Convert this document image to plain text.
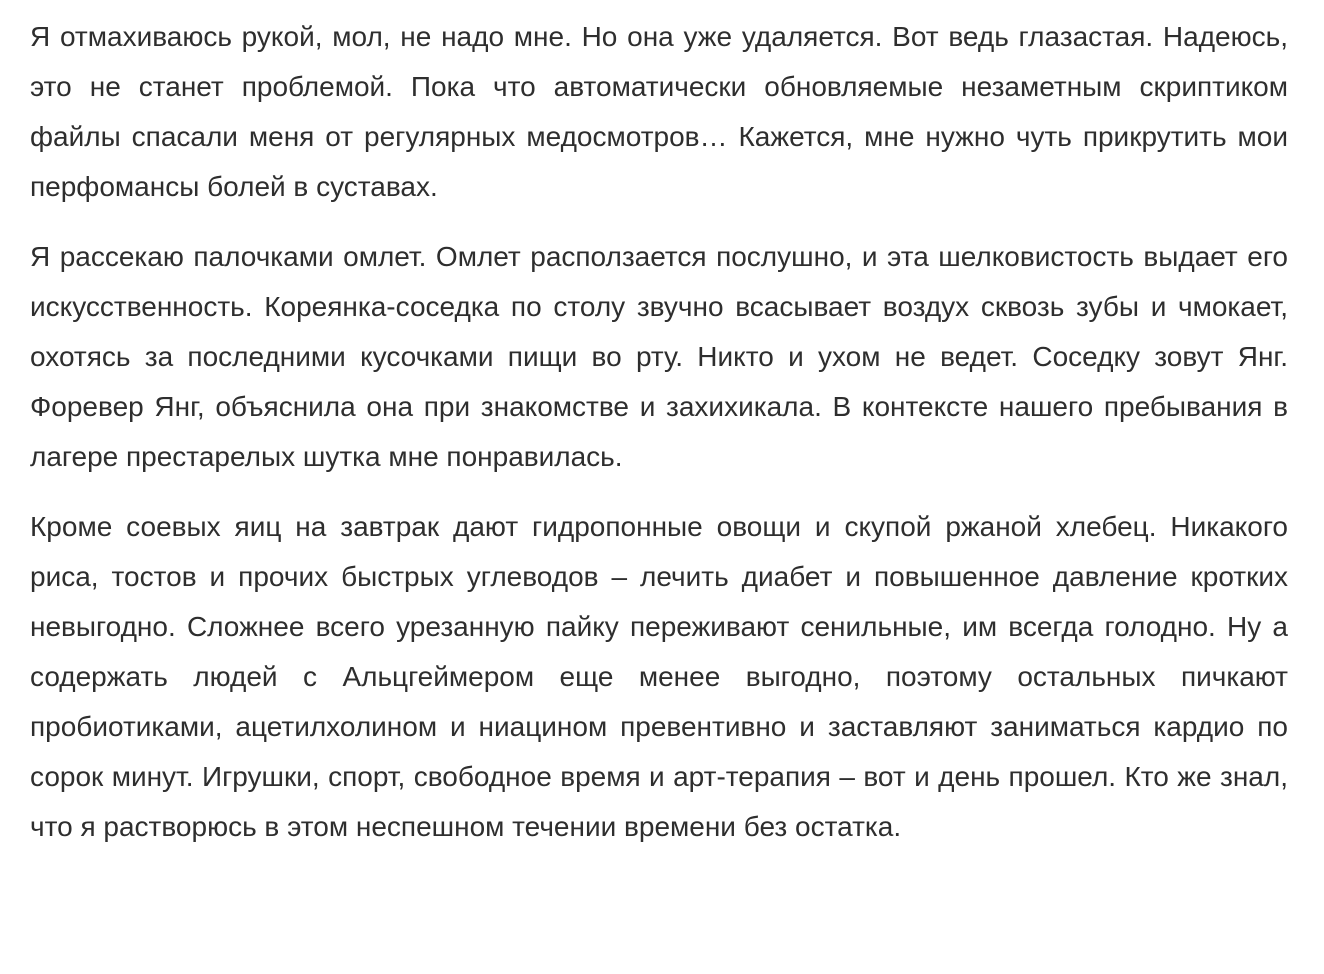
Я отмахиваюсь рукой, мол, не надо мне. Но она уже удаляется. Вот ведь глазастая. Надеюсь, это не станет проблемой. Пока что автоматически обновляемые незаметным скриптиком файлы спасали меня от регулярных медосмотров… Кажется, мне нужно чуть прикрутить мои перфомансы болей в суставах.

Я рассекаю палочками омлет. Омлет расползается послушно, и эта шелковистость выдает его искусственность. Кореянка-соседка по столу звучно всасывает воздух сквозь зубы и чмокает, охотясь за последними кусочками пищи во рту. Никто и ухом не ведет. Соседку зовут Янг. Форевер Янг, объяснила она при знакомстве и захихикала. В контексте нашего пребывания в лагере престарелых шутка мне понравилась.

Кроме соевых яиц на завтрак дают гидропонные овощи и скупой ржаной хлебец. Никакого риса, тостов и прочих быстрых углеводов – лечить диабет и повышенное давление кротких невыгодно. Сложнее всего урезанную пайку переживают сенильные, им всегда голодно. Ну а содержать людей с Альцгеймером еще менее выгодно, поэтому остальных пичкают пробиотиками, ацетилхолином и ниацином превентивно и заставляют заниматься кардио по сорок минут. Игрушки, спорт, свободное время и арт-терапия – вот и день прошел. Кто же знал, что я растворюсь в этом неспешном течении времени без остатка.
